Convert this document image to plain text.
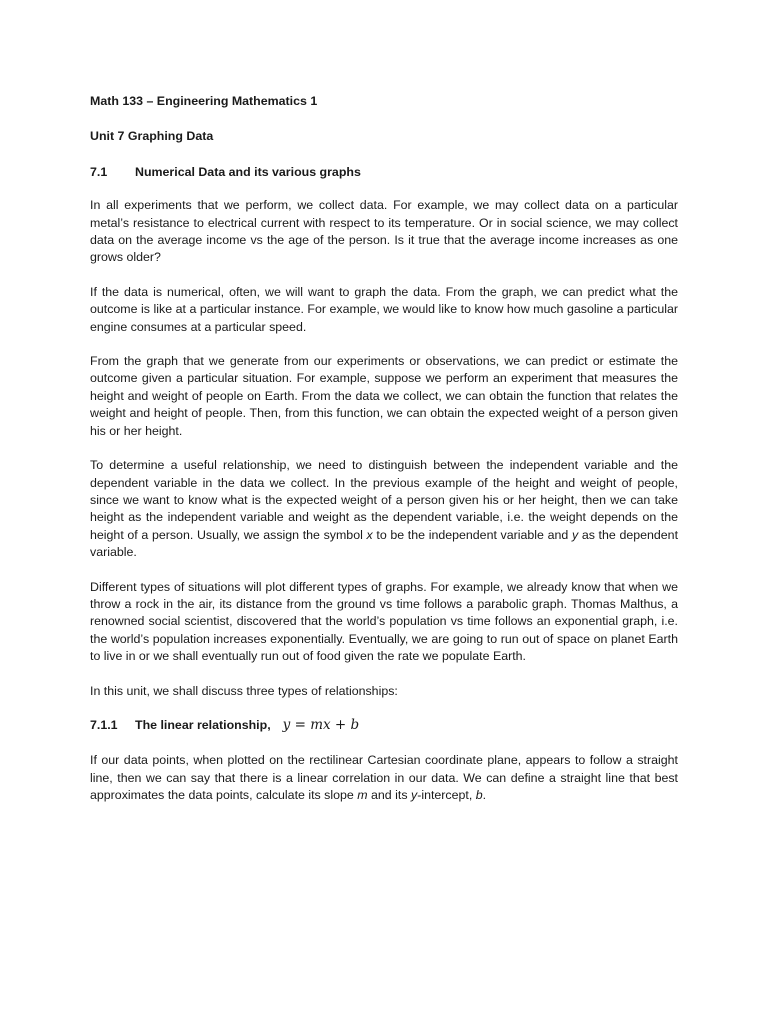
Math 133 – Engineering Mathematics 1

Unit 7 Graphing Data

7.1	Numerical Data and its various graphs

In all experiments that we perform, we collect data. For example, we may collect data on a particular metal’s resistance to electrical current with respect to its temperature. Or in social science, we may collect data on the average income vs the age of the person. Is it true that the average income increases as one grows older?

If the data is numerical, often, we will want to graph the data. From the graph, we can predict what the outcome is like at a particular instance. For example, we would like to know how much gasoline a particular engine consumes at a particular speed.

From the graph that we generate from our experiments or observations, we can predict or estimate the outcome given a particular situation. For example, suppose we perform an experiment that measures the height and weight of people on Earth. From the data we collect, we can obtain the function that relates the weight and height of people. Then, from this function, we can obtain the expected weight of a person given his or her height.

To determine a useful relationship, we need to distinguish between the independent variable and the dependent variable in the data we collect. In the previous example of the height and weight of people, since we want to know what is the expected weight of a person given his or her height, then we can take height as the independent variable and weight as the dependent variable, i.e. the weight depends on the height of a person. Usually, we assign the symbol x to be the independent variable and y as the dependent variable.

Different types of situations will plot different types of graphs. For example, we already know that when we throw a rock in the air, its distance from the ground vs time follows a parabolic graph. Thomas Malthus, a renowned social scientist, discovered that the world’s population vs time follows an exponential graph, i.e. the world’s population increases exponentially. Eventually, we are going to run out of space on planet Earth to live in or we shall eventually run out of food given the rate we populate Earth.

In this unit, we shall discuss three types of relationships:

7.1.1	The linear relationship, y = mx + b

If our data points, when plotted on the rectilinear Cartesian coordinate plane, appears to follow a straight line, then we can say that there is a linear correlation in our data. We can define a straight line that best approximates the data points, calculate its slope m and its y-intercept, b.
